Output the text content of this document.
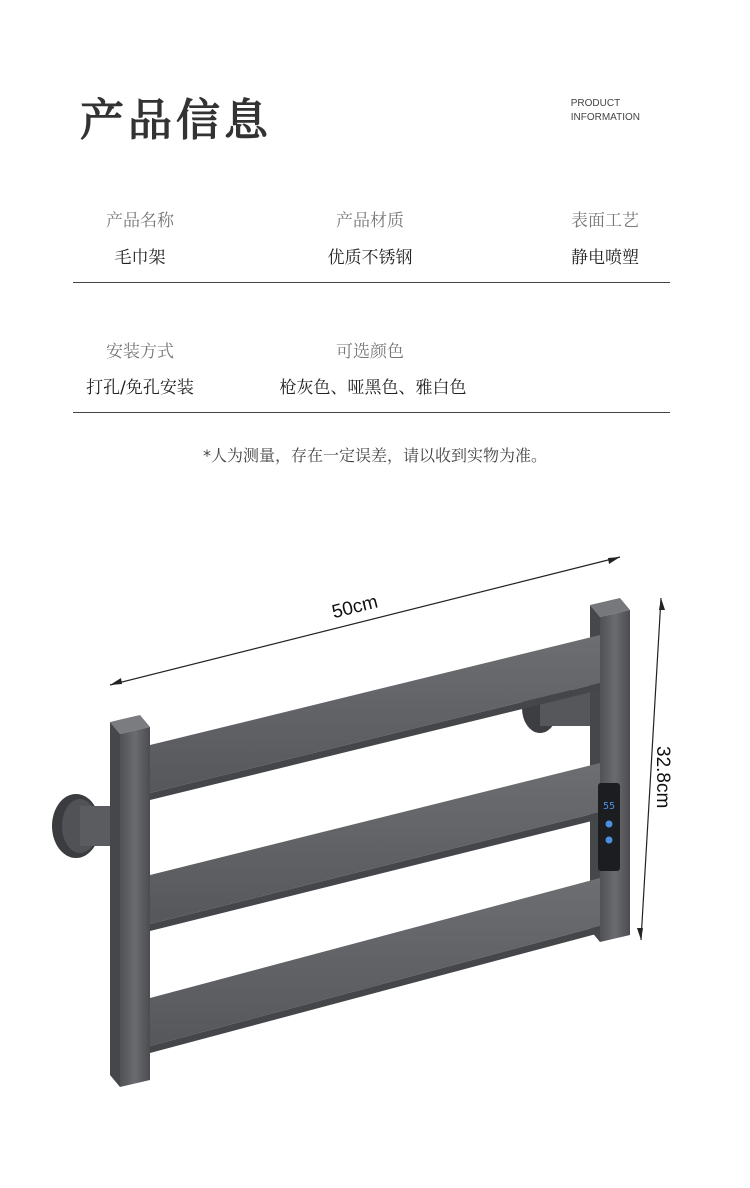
产品信息	PRODUCT
INFORMATION
产品名称
毛巾架
产品材质
优质不锈钢
表面工艺
静电喷塑
安装方式
打孔/免孔安装
可选颜色
枪灰色、哑黑色、雅白色
*人为测量，存在一定误差，请以收到实物为准。
50cm
32.8cm
55
